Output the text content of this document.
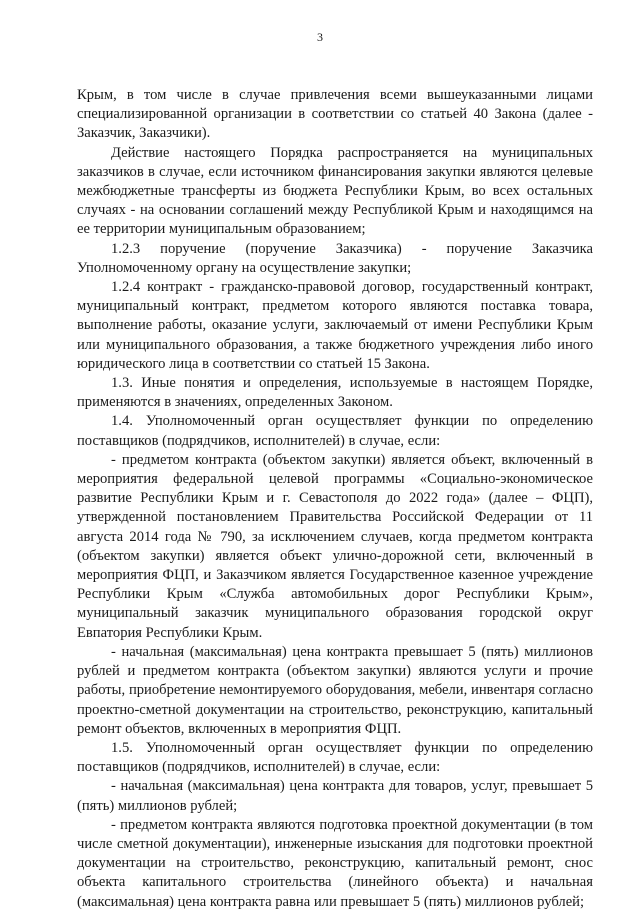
3

Крым, в том числе в случае привлечения всеми вышеуказанными лицами специализированной организации в соответствии со статьей 40 Закона (далее - Заказчик, Заказчики).

Действие настоящего Порядка распространяется на муниципальных заказчиков в случае, если источником финансирования закупки являются целевые межбюджетные трансферты из бюджета Республики Крым, во всех остальных случаях - на основании соглашений между Республикой Крым и находящимся на ее территории муниципальным образованием;

1.2.3 поручение (поручение Заказчика) - поручение Заказчика Уполномоченному органу на осуществление закупки;

1.2.4 контракт - гражданско-правовой договор, государственный контракт, муниципальный контракт, предметом которого являются поставка товара, выполнение работы, оказание услуги, заключаемый от имени Республики Крым или муниципального образования, а также бюджетного учреждения либо иного юридического лица в соответствии со статьей 15 Закона.

1.3. Иные понятия и определения, используемые в настоящем Порядке, применяются в значениях, определенных Законом.

1.4. Уполномоченный орган осуществляет функции по определению поставщиков (подрядчиков, исполнителей) в случае, если:

- предметом контракта (объектом закупки) является объект, включенный в мероприятия федеральной целевой программы «Социально-экономическое развитие Республики Крым и г. Севастополя до 2022 года» (далее – ФЦП), утвержденной постановлением Правительства Российской Федерации от 11 августа 2014 года № 790, за исключением случаев, когда предметом контракта (объектом закупки) является объект улично-дорожной сети, включенный в мероприятия ФЦП, и Заказчиком является Государственное казенное учреждение Республики Крым «Служба автомобильных дорог Республики Крым», муниципальный заказчик муниципального образования городской округ Евпатория Республики Крым.

- начальная (максимальная) цена контракта превышает 5 (пять) миллионов рублей и предметом контракта (объектом закупки) являются услуги и прочие работы, приобретение немонтируемого оборудования, мебели, инвентаря согласно проектно-сметной документации на строительство, реконструкцию, капитальный ремонт объектов, включенных в мероприятия ФЦП.

1.5. Уполномоченный орган осуществляет функции по определению поставщиков (подрядчиков, исполнителей) в случае, если:

- начальная (максимальная) цена контракта для товаров, услуг, превышает 5 (пять) миллионов рублей;

- предметом контракта являются подготовка проектной документации (в том числе сметной документации), инженерные изыскания для подготовки проектной документации на строительство, реконструкцию, капитальный ремонт, снос объекта капитального строительства (линейного объекта) и начальная (максимальная) цена контракта равна или превышает 5 (пять) миллионов рублей;
